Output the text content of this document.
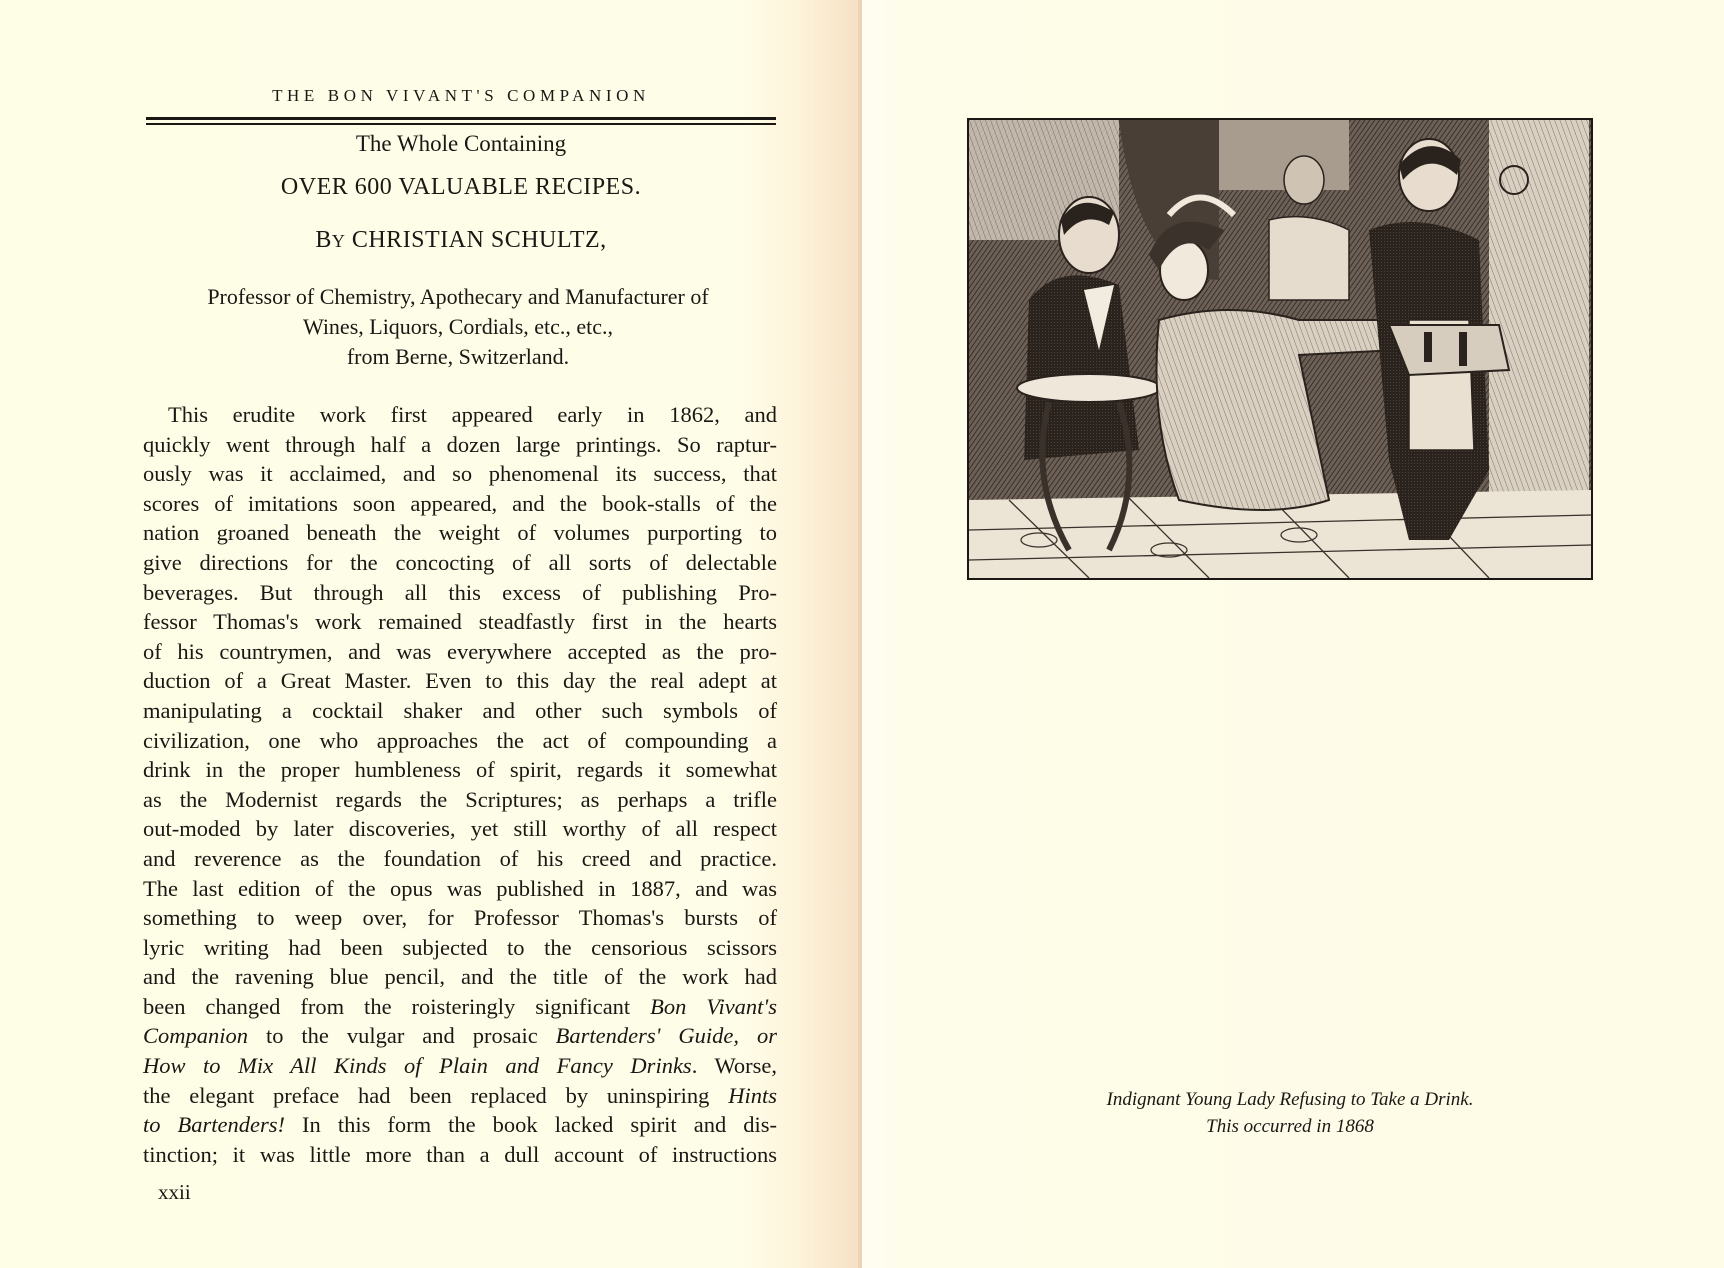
THE BON VIVANT'S COMPANION
The Whole Containing
OVER 600 VALUABLE RECIPES.
BY CHRISTIAN SCHULTZ,
Professor of Chemistry, Apothecary and Manufacturer of
Wines, Liquors, Cordials, etc., etc.,
from Berne, Switzerland.
This erudite work first appeared early in 1862, and
quickly went through half a dozen large printings. So raptur-
ously was it acclaimed, and so phenomenal its success, that
scores of imitations soon appeared, and the book-stalls of the
nation groaned beneath the weight of volumes purporting to
give directions for the concocting of all sorts of delectable
beverages. But through all this excess of publishing Pro-
fessor Thomas's work remained steadfastly first in the hearts
of his countrymen, and was everywhere accepted as the pro-
duction of a Great Master. Even to this day the real adept at
manipulating a cocktail shaker and other such symbols of
civilization, one who approaches the act of compounding a
drink in the proper humbleness of spirit, regards it somewhat
as the Modernist regards the Scriptures; as perhaps a trifle
out-moded by later discoveries, yet still worthy of all respect
and reverence as the foundation of his creed and practice.
The last edition of the opus was published in 1887, and was
something to weep over, for Professor Thomas's bursts of
lyric writing had been subjected to the censorious scissors
and the ravening blue pencil, and the title of the work had
been changed from the roisteringly significant Bon Vivant's
Companion to the vulgar and prosaic Bartenders' Guide, or
How to Mix All Kinds of Plain and Fancy Drinks. Worse,
the elegant preface had been replaced by uninspiring Hints
to Bartenders! In this form the book lacked spirit and dis-
tinction; it was little more than a dull account of instructions
xxii
Indignant Young Lady Refusing to Take a Drink.
This occurred in 1868
